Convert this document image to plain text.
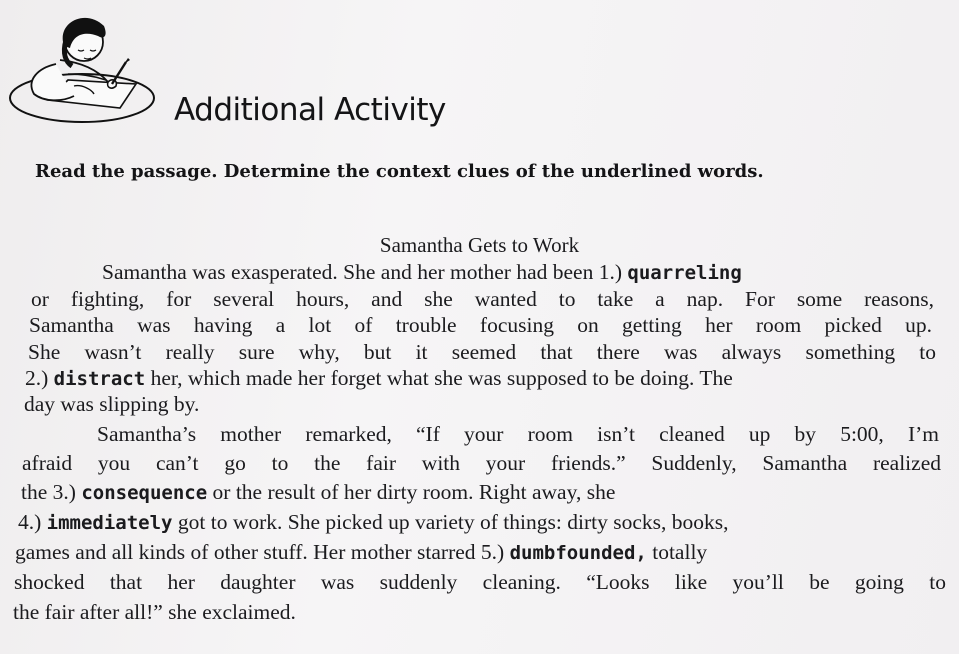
Additional Activity

Read the passage. Determine the context clues of the underlined words.

Samantha Gets to Work

Samantha was exasperated. She and her mother had been 1.) quarreling
or fighting, for several hours, and she wanted to take a nap. For some reasons,
Samantha was having a lot of trouble focusing on getting her room picked up.
She wasn’t really sure why, but it seemed that there was always something to
2.) distract her, which made her forget what she was supposed to be doing. The
day was slipping by.
Samantha’s mother remarked, “If your room isn’t cleaned up by 5:00, I’m
afraid you can’t go to the fair with your friends.” Suddenly, Samantha realized
the 3.) consequence or the result of her dirty room. Right away, she
4.) immediately got to work. She picked up variety of things: dirty socks, books,
games and all kinds of other stuff. Her mother starred 5.) dumbfounded, totally
shocked that her daughter was suddenly cleaning. “Looks like you’ll be going to
the fair after all!” she exclaimed.
